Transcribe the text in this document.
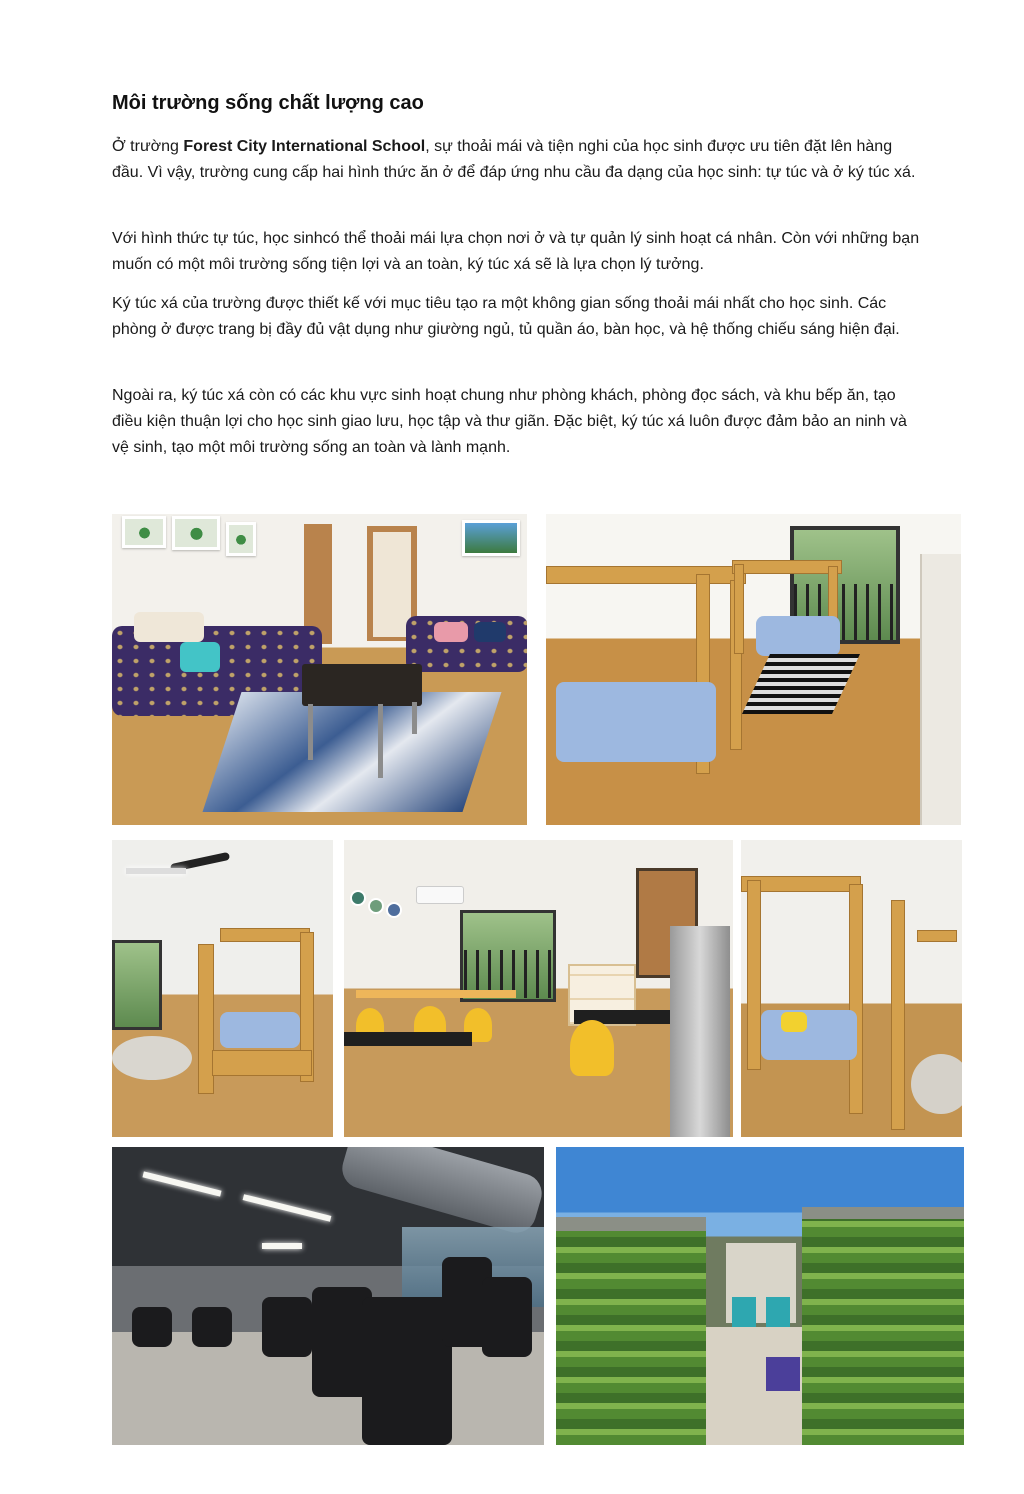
Môi trường sống chất lượng cao

Ở trường Forest City International School, sự thoải mái và tiện nghi của học sinh được ưu tiên đặt lên hàng đầu. Vì vậy, trường cung cấp hai hình thức ăn ở để đáp ứng nhu cầu đa dạng của học sinh: tự túc và ở ký túc xá.

Với hình thức tự túc, học sinhcó thể thoải mái lựa chọn nơi ở và tự quản lý sinh hoạt cá nhân. Còn với những bạn muốn có một môi trường sống tiện lợi và an toàn, ký túc xá sẽ là lựa chọn lý tưởng.

Ký túc xá của trường được thiết kế với mục tiêu tạo ra một không gian sống thoải mái nhất cho học sinh. Các phòng ở được trang bị đầy đủ vật dụng như giường ngủ, tủ quần áo, bàn học, và hệ thống chiếu sáng hiện đại.

Ngoài ra, ký túc xá còn có các khu vực sinh hoạt chung như phòng khách, phòng đọc sách, và khu bếp ăn, tạo điều kiện thuận lợi cho học sinh giao lưu, học tập và thư giãn. Đặc biệt, ký túc xá luôn được đảm bảo an ninh và vệ sinh, tạo một môi trường sống an toàn và lành mạnh.
